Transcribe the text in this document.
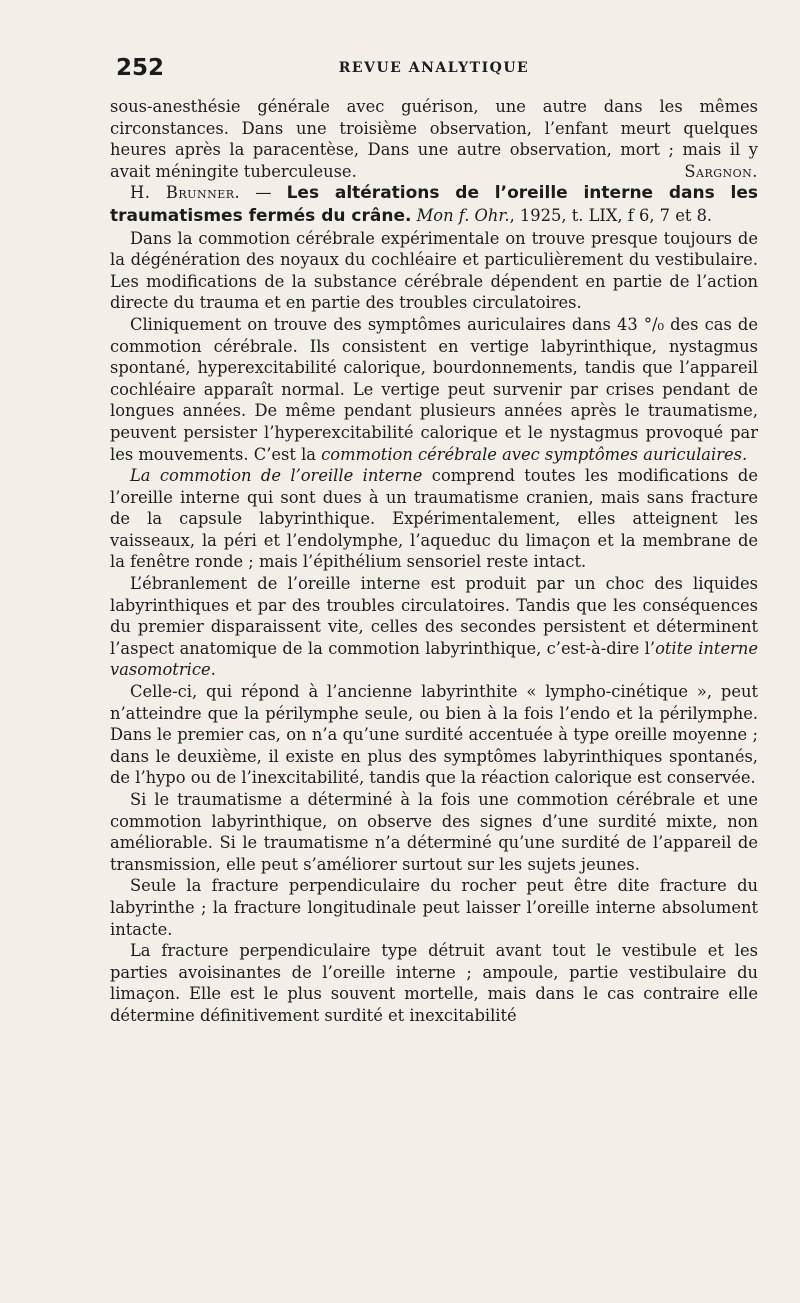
252	REVUE ANALYTIQUE

sous-anesthésie générale avec guérison, une autre dans les mêmes circonstances. Dans une troisième observation, l’enfant meurt quelques heures après la paracentèse, Dans une autre observation, mort ; mais il y avait méningite tuberculeuse.	Sargnon.

H. Brunner. — Les altérations de l’oreille interne dans les traumatismes fermés du crâne. Mon f. Ohr., 1925, t. LIX, f 6, 7 et 8.

Dans la commotion cérébrale expérimentale on trouve presque toujours de la dégénération des noyaux du cochléaire et particulièrement du vestibulaire. Les modifications de la substance cérébrale dépendent en partie de l’action directe du trauma et en partie des troubles circulatoires.

Cliniquement on trouve des symptômes auriculaires dans 43 °/₀ des cas de commotion cérébrale. Ils consistent en vertige labyrinthique, nystagmus spontané, hyperexcitabilité calorique, bourdonnements, tandis que l’appareil cochléaire apparaît normal. Le vertige peut survenir par crises pendant de longues années. De même pendant plusieurs années après le traumatisme, peuvent persister l’hyperexcitabilité calorique et le nystagmus provoqué par les mouvements. C’est la commotion cérébrale avec symptômes auriculaires.

La commotion de l’oreille interne comprend toutes les modifications de l’oreille interne qui sont dues à un traumatisme cranien, mais sans fracture de la capsule labyrinthique. Expérimentalement, elles atteignent les vaisseaux, la péri et l’endolymphe, l’aqueduc du limaçon et la membrane de la fenêtre ronde ; mais l’épithélium sensoriel reste intact.

L’ébranlement de l’oreille interne est produit par un choc des liquides labyrinthiques et par des troubles circulatoires. Tandis que les conséquences du premier disparaissent vite, celles des secondes persistent et déterminent l’aspect anatomique de la commotion labyrinthique, c’est-à-dire l’otite interne vasomotrice.

Celle-ci, qui répond à l’ancienne labyrinthite « lympho-cinétique », peut n’atteindre que la périlymphe seule, ou bien à la fois l’endo et la périlymphe. Dans le premier cas, on n’a qu’une surdité accentuée à type oreille moyenne ; dans le deuxième, il existe en plus des symptômes labyrinthiques spontanés, de l’hypo ou de l’inexcitabilité, tandis que la réaction calorique est conservée.

Si le traumatisme a déterminé à la fois une commotion cérébrale et une commotion labyrinthique, on observe des signes d’une surdité mixte, non améliorable. Si le traumatisme n’a déterminé qu’une surdité de l’appareil de transmission, elle peut s’améliorer surtout sur les sujets jeunes.

Seule la fracture perpendiculaire du rocher peut être dite fracture du labyrinthe ; la fracture longitudinale peut laisser l’oreille interne absolument intacte.

La fracture perpendiculaire type détruit avant tout le vestibule et les parties avoisinantes de l’oreille interne ; ampoule, partie vestibulaire du limaçon. Elle est le plus souvent mortelle, mais dans le cas contraire elle détermine définitivement surdité et inexcitabilité
